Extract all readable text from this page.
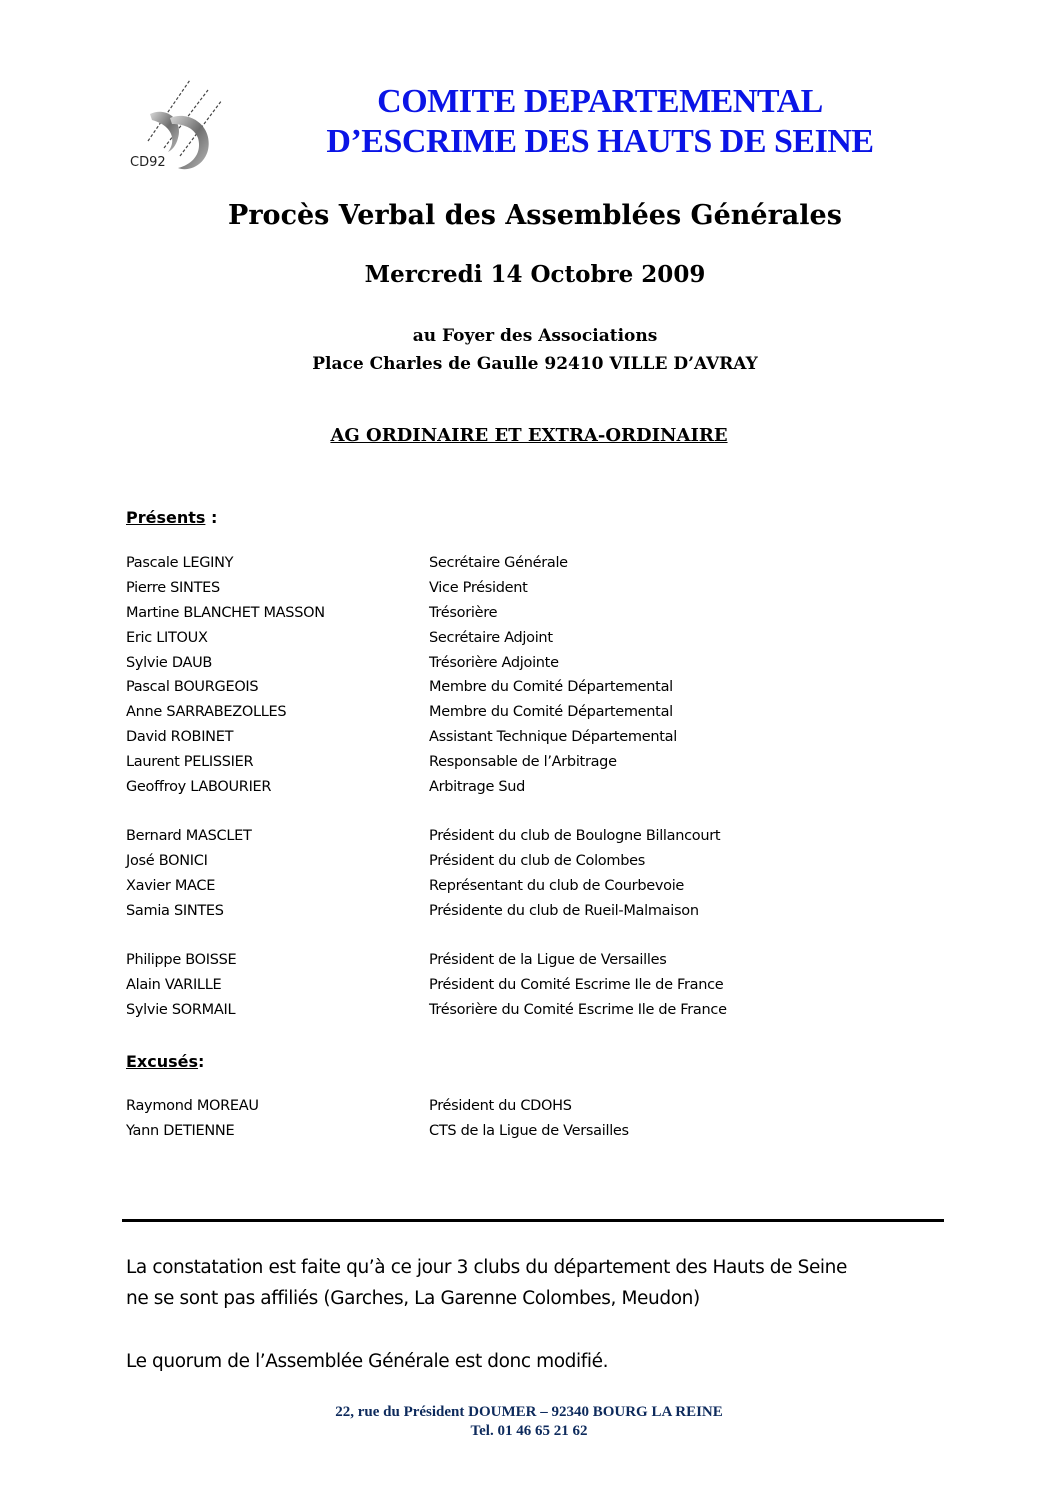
CD92
COMITE DEPARTEMENTAL
D’ESCRIME DES HAUTS DE SEINE
Procès Verbal des Assemblées Générales
Mercredi 14 Octobre 2009
au Foyer des Associations
Place Charles de Gaulle 92410 VILLE D’AVRAY
AG ORDINAIRE ET EXTRA-ORDINAIRE
Présents :
Pascale LEGINY	Secrétaire Générale
Pierre SINTES	Vice Président
Martine BLANCHET MASSON	Trésorière
Eric LITOUX	Secrétaire Adjoint
Sylvie DAUB	Trésorière Adjointe
Pascal BOURGEOIS	Membre du Comité Départemental
Anne SARRABEZOLLES	Membre du Comité Départemental
David ROBINET	Assistant Technique Départemental
Laurent PELISSIER	Responsable de l’Arbitrage
Geoffroy LABOURIER	Arbitrage Sud
Bernard MASCLET	Président du club de Boulogne Billancourt
José BONICI	Président du club de Colombes
Xavier MACE	Représentant du club de Courbevoie
Samia SINTES	Présidente du club de Rueil-Malmaison
Philippe BOISSE	Président de la Ligue de Versailles
Alain VARILLE	Président du Comité Escrime Ile de France
Sylvie SORMAIL	Trésorière du Comité Escrime Ile de France
Excusés:
Raymond MOREAU	Président du CDOHS
Yann DETIENNE	CTS de la Ligue de Versailles
La constatation est faite qu’à ce jour 3 clubs du département des Hauts de Seine
ne se sont pas affiliés (Garches, La Garenne Colombes, Meudon)
Le quorum de l’Assemblée Générale est donc modifié.
22, rue du Président DOUMER – 92340 BOURG LA REINE
Tel. 01 46 65 21 62
